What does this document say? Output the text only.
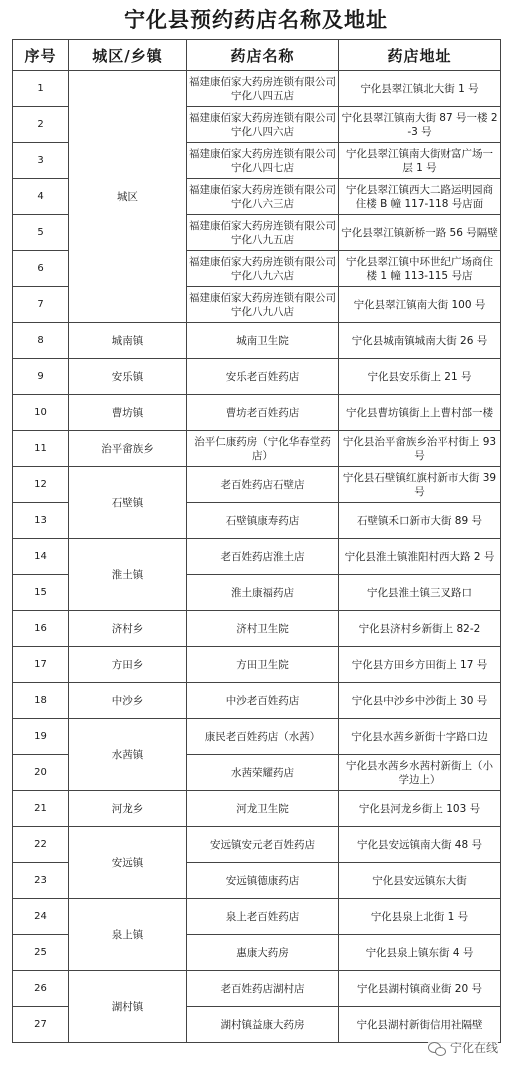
宁化县预约药店名称及地址
序号	城区/乡镇	药店名称	药店地址
1	城区	福建康佰家大药房连锁有限公司宁化八四五店	宁化县翠江镇北大街 1 号
2		福建康佰家大药房连锁有限公司宁化八四六店	宁化县翠江镇南大街 87 号一楼 2-3 号
3		福建康佰家大药房连锁有限公司宁化八四七店	宁化县翠江镇南大街财富广场一层 1 号
4		福建康佰家大药房连锁有限公司宁化八六三店	宁化县翠江镇西大二路运明园商住楼 B 幢 117-118 号店面
5		福建康佰家大药房连锁有限公司宁化八九五店	宁化县翠江镇新桥一路 56 号隔壁
6		福建康佰家大药房连锁有限公司宁化八九六店	宁化县翠江镇中环世纪广场商住楼 1 幢 113-115 号店
7		福建康佰家大药房连锁有限公司宁化八九八店	宁化县翠江镇南大街 100 号
8	城南镇	城南卫生院	宁化县城南镇城南大街 26 号
9	安乐镇	安乐老百姓药店	宁化县安乐街上 21 号
10	曹坊镇	曹坊老百姓药店	宁化县曹坊镇街上上曹村部一楼
11	治平畲族乡	治平仁康药房（宁化华春堂药店）	宁化县治平畲族乡治平村街上 93 号
12	石壁镇	老百姓药店石壁店	宁化县石壁镇红旗村新市大街 39 号
13		石壁镇康寿药店	石壁镇禾口新市大街 89 号
14	淮土镇	老百姓药店淮土店	宁化县淮土镇淮阳村西大路 2 号
15		淮土康福药店	宁化县淮土镇三叉路口
16	济村乡	济村卫生院	宁化县济村乡新街上 82-2
17	方田乡	方田卫生院	宁化县方田乡方田街上 17 号
18	中沙乡	中沙老百姓药店	宁化县中沙乡中沙街上 30 号
19	水茜镇	康民老百姓药店（水茜）	宁化县水茜乡新街十字路口边
20		水茜荣耀药店	宁化县水茜乡水茜村新街上（小学边上）
21	河龙乡	河龙卫生院	宁化县河龙乡街上 103 号
22	安远镇	安远镇安元老百姓药店	宁化县安远镇南大街 48 号
23		安远镇德康药店	宁化县安远镇东大街
24	泉上镇	泉上老百姓药店	宁化县泉上北街 1 号
25		惠康大药房	宁化县泉上镇东街 4 号
26	湖村镇	老百姓药店湖村店	宁化县湖村镇商业街 20 号
27		湖村镇益康大药房	宁化县湖村新街信用社隔壁
宁化在线
